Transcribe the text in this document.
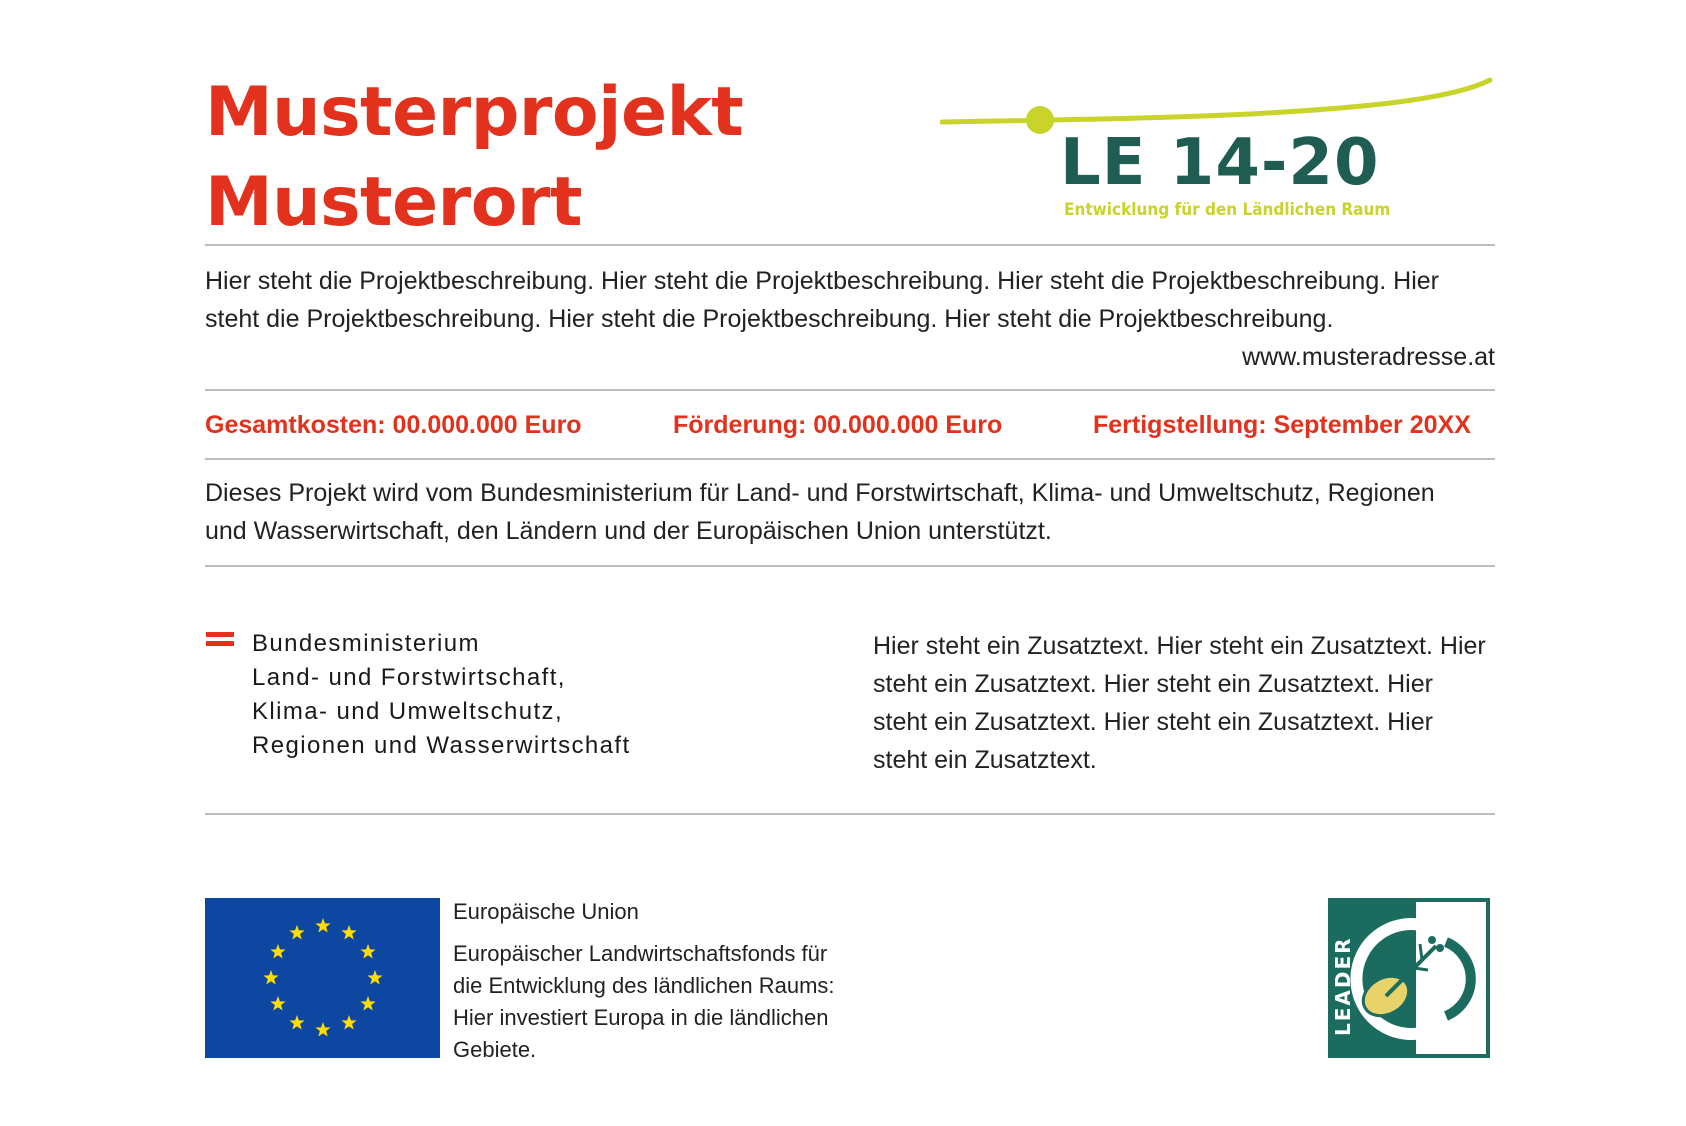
Musterprojekt
Musterort	LE 14-20
Entwicklung für den Ländlichen Raum
Hier steht die Projektbeschreibung. Hier steht die Projektbeschreibung. Hier steht die Projektbeschreibung. Hier steht die Projektbeschreibung. Hier steht die Projektbeschreibung. Hier steht die Projektbeschreibung.
www.musteradresse.at
Gesamtkosten: 00.000.000 Euro	Förderung: 00.000.000 Euro	Fertigstellung: September 20XX
Dieses Projekt wird vom Bundesministerium für Land- und Forstwirtschaft, Klima- und Umweltschutz, Regionen und Wasserwirtschaft, den Ländern und der Europäischen Union unterstützt.
Bundesministerium
Land- und Forstwirtschaft,
Klima- und Umweltschutz,
Regionen und Wasserwirtschaft
Hier steht ein Zusatztext. Hier steht ein Zusatztext. Hier steht ein Zusatztext. Hier steht ein Zusatztext. Hier steht ein Zusatztext. Hier steht ein Zusatztext. Hier steht ein Zusatztext.
Europäische Union
Europäischer Landwirtschaftsfonds für
die Entwicklung des ländlichen Raums:
Hier investiert Europa in die ländlichen
Gebiete.
LEADER
